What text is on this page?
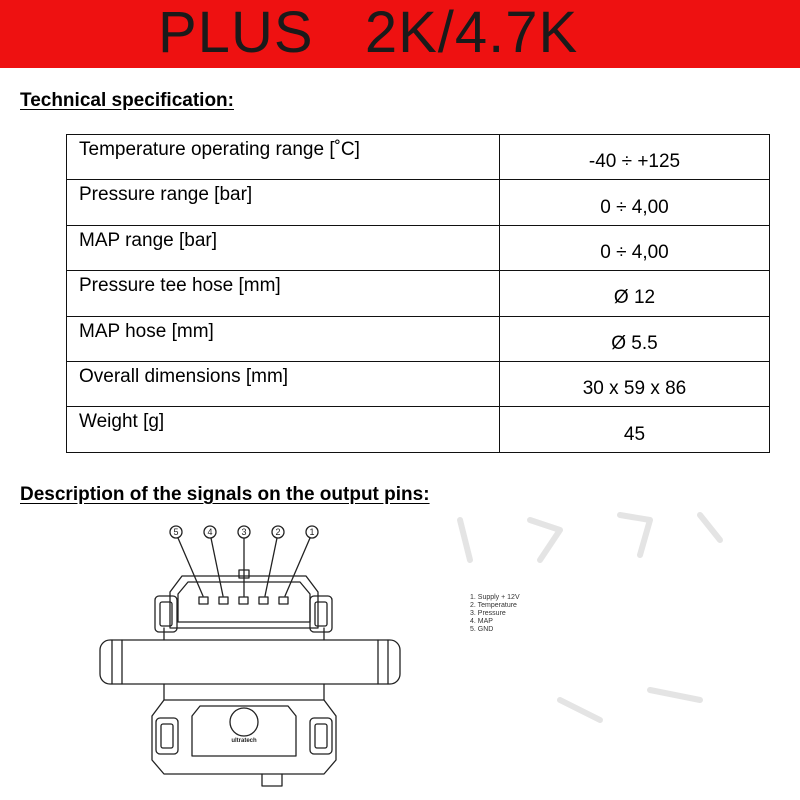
PLUS   2K/4.7K
Technical specification:
Temperature operating range [˚C]	-40 ÷ +125
Pressure range [bar]	0 ÷ 4,00
MAP range [bar]	0 ÷ 4,00
Pressure tee hose [mm]	Ø 12
MAP hose [mm]	Ø 5.5
Overall dimensions [mm]	30 x 59 x 86
Weight [g]	45
Description of the signals on the output pins:
5	4	3	2	1
ultratech
1. Supply + 12V
2. Temperature
3. Pressure
4. MAP
5. GND
